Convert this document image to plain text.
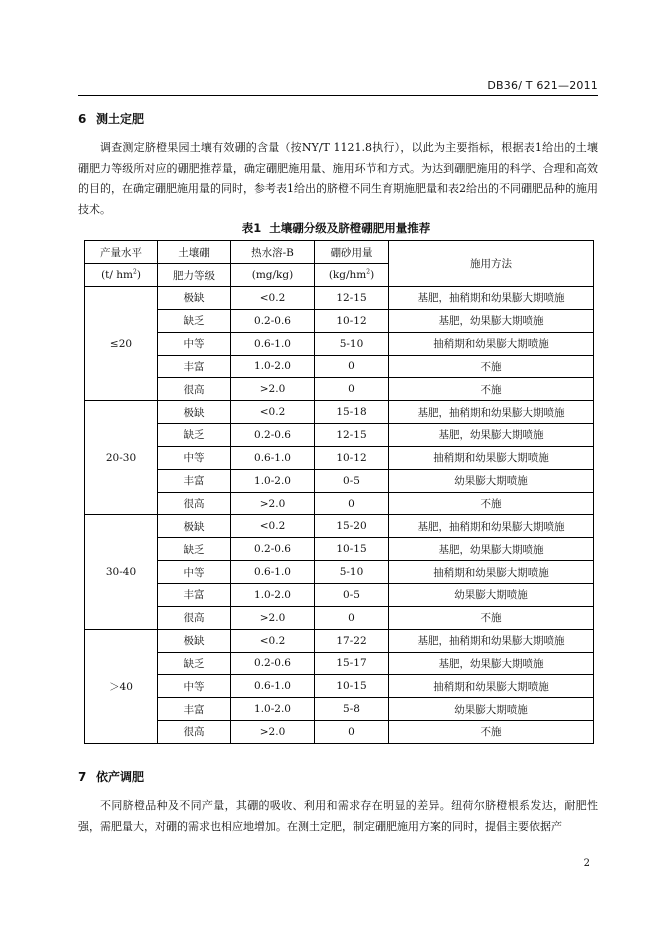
DB36/ T 621—2011
6 测土定肥

调查测定脐橙果园土壤有效硼的含量（按NY/T 1121.8执行），以此为主要指标，根据表1给出的土壤硼肥力等级所对应的硼肥推荐量，确定硼肥施用量、施用环节和方式。为达到硼肥施用的科学、合理和高效的目的，在确定硼肥施用量的同时，参考表1给出的脐橙不同生育期施肥量和表2给出的不同硼肥品种的施用技术。

表1 土壤硼分级及脐橙硼肥用量推荐
产量水平	土壤硼	热水溶-B	硼砂用量	施用方法
(t/ $hm^2$)	肥力等级	(mg/kg)	$(kg/hm^2)$	
≤20	极缺	<0.2	12-15	基肥，抽稍期和幼果膨大期喷施
	缺乏	0.2-0.6	10-12	基肥，幼果膨大期喷施
	中等	0.6-1.0	5-10	抽稍期和幼果膨大期喷施
	丰富	1.0-2.0	0	不施
	很高	>2.0	0	不施
20-30	极缺	<0.2	15-18	基肥，抽稍期和幼果膨大期喷施
	缺乏	0.2-0.6	12-15	基肥，幼果膨大期喷施
	中等	0.6-1.0	10-12	抽稍期和幼果膨大期喷施
	丰富	1.0-2.0	0-5	幼果膨大期喷施
	很高	>2.0	0	不施
30-40	极缺	<0.2	15-20	基肥，抽稍期和幼果膨大期喷施
	缺乏	0.2-0.6	10-15	基肥，幼果膨大期喷施
	中等	0.6-1.0	5-10	抽稍期和幼果膨大期喷施
	丰富	1.0-2.0	0-5	幼果膨大期喷施
	很高	>2.0	0	不施
＞40	极缺	<0.2	17-22	基肥，抽稍期和幼果膨大期喷施
	缺乏	0.2-0.6	15-17	基肥，幼果膨大期喷施
	中等	0.6-1.0	10-15	抽稍期和幼果膨大期喷施
	丰富	1.0-2.0	5-8	幼果膨大期喷施
	很高	>2.0	0	不施
7 依产调肥

不同脐橙品种及不同产量，其硼的吸收、利用和需求存在明显的差异。纽荷尔脐橙根系发达，耐肥性强，需肥量大，对硼的需求也相应地增加。在测土定肥，制定硼肥施用方案的同时，提倡主要依据产

2
